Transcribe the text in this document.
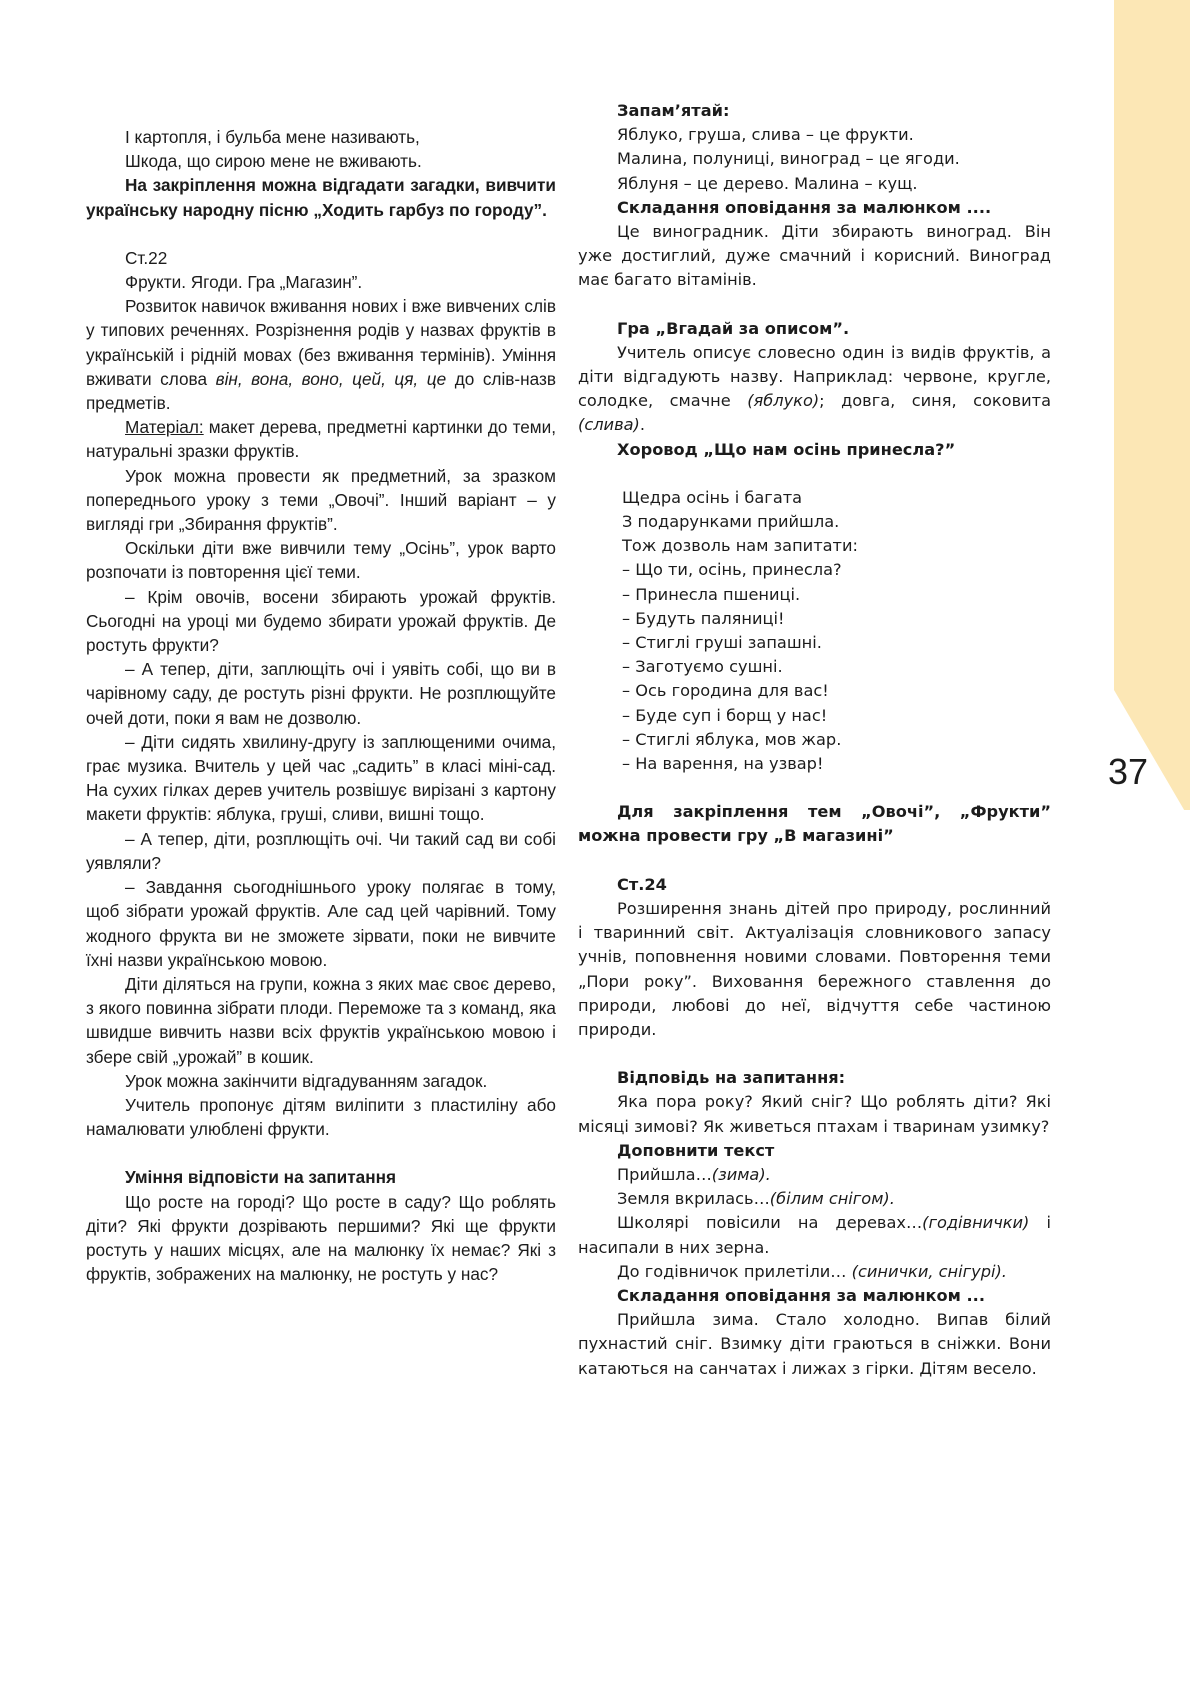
37

І картопля, і бульба мене називають,

Шкода, що сирою мене не вживають.

На закріплення можна відгадати загадки, вивчити українську народну пісню „Ходить гарбуз по городу”.

Ст.22

Фрукти. Ягоди. Гра „Магазин”.

Розвиток навичок вживання нових і вже вивчених слів у типових реченнях. Розрізнення родів у назвах фруктів в українській і рідній мовах (без вживання термінів). Уміння вживати слова він, вона, воно, цей, ця, це до слів-назв предметів.

Матеріал: макет дерева, предметні картинки до теми, натуральні зразки фруктів.

Урок можна провести як предметний, за зразком попереднього уроку з теми „Овочі”. Інший варіант – у вигляді гри „Збирання фруктів”.

Оскільки діти вже вивчили тему „Осінь”, урок варто розпочати із повторення цієї теми.

– Крім овочів, восени збирають урожай фруктів. Сьогодні на уроці ми будемо збирати урожай фруктів. Де ростуть фрукти?

– А тепер, діти, заплющіть очі і уявіть собі, що ви в чарівному саду, де ростуть різні фрукти. Не розплющуйте очей доти, поки я вам не дозволю.

– Діти сидять хвилину-другу із заплющеними очима, грає музика. Вчитель у цей час „садить” в класі міні-сад. На сухих гілках дерев учитель розвішує вирізані з картону макети фруктів: яблука, груші, сливи, вишні тощо.

– А тепер, діти, розплющіть очі. Чи такий сад ви собі уявляли?

– Завдання сьогоднішнього уроку полягає в тому, щоб зібрати урожай фруктів. Але сад цей чарівний. Тому жодного фрукта ви не зможете зірвати, поки не вивчите їхні назви українською мовою.

Діти діляться на групи, кожна з яких має своє дерево, з якого повинна зібрати плоди. Переможе та з команд, яка швидше вивчить назви всіх фруктів українською мовою і збере свій „урожай” в кошик.

Урок можна закінчити відгадуванням загадок.

Учитель пропонує дітям виліпити з пластиліну або намалювати улюблені фрукти.

Уміння відповісти на запитання

Що росте на городі? Що росте в саду? Що роблять діти? Які фрукти дозрівають першими? Які ще фрукти ростуть у наших місцях, але на малюнку їх немає? Які з фруктів, зображених на малюнку, не ростуть у нас?

Запам’ятай:

Яблуко, груша, слива – це фрукти.

Малина, полуниці, виноград – це ягоди.

Яблуня – це дерево. Малина – кущ.

Складання оповідання за малюнком ....

Це виноградник. Діти збирають виноград. Він уже достиглий, дуже смачний і корисний. Виноград має багато вітамінів.

Гра „Вгадай за описом”.

Учитель описує словесно один із видів фруктів, а діти відгадують назву. Наприклад: червоне, кругле, солодке, смачне (яблуко); довга, синя, соковита (слива).

Хоровод „Що нам осінь принесла?”

Щедра осінь і багата

З подарунками прийшла.

Тож дозволь нам запитати:

– Що ти, осінь, принесла?

– Принесла пшениці.

– Будуть паляниці!

– Стиглі груші запашні.

– Заготуємо сушні.

– Ось городина для вас!

– Буде суп і борщ у нас!

– Стиглі яблука, мов жар.

– На варення, на узвар!

Для закріплення тем „Овочі”, „Фрукти” можна провести гру „В магазині”

Ст.24

Розширення знань дітей про природу, рослинний і тваринний світ. Актуалізація словникового запасу учнів, поповнення новими словами. Повторення теми „Пори року”. Виховання бережного ставлення до природи, любові до неї, відчуття себе частиною природи.

Відповідь на запитання:

Яка пора року? Який сніг? Що роблять діти? Які місяці зимові? Як живеться птахам і тваринам узимку?

Доповнити текст

Прийшла…(зима).

Земля вкрилась…(білим снігом).

Школярі повісили на деревах…(годівнички) і насипали в них зерна.

До годівничок прилетіли… (синички, снігурі).

Складання оповідання за малюнком ...

Прийшла зима. Стало холодно. Випав білий пухнастий сніг. Взимку діти граються в сніжки. Вони катаються на санчатах і лижах з гірки. Дітям весело.
